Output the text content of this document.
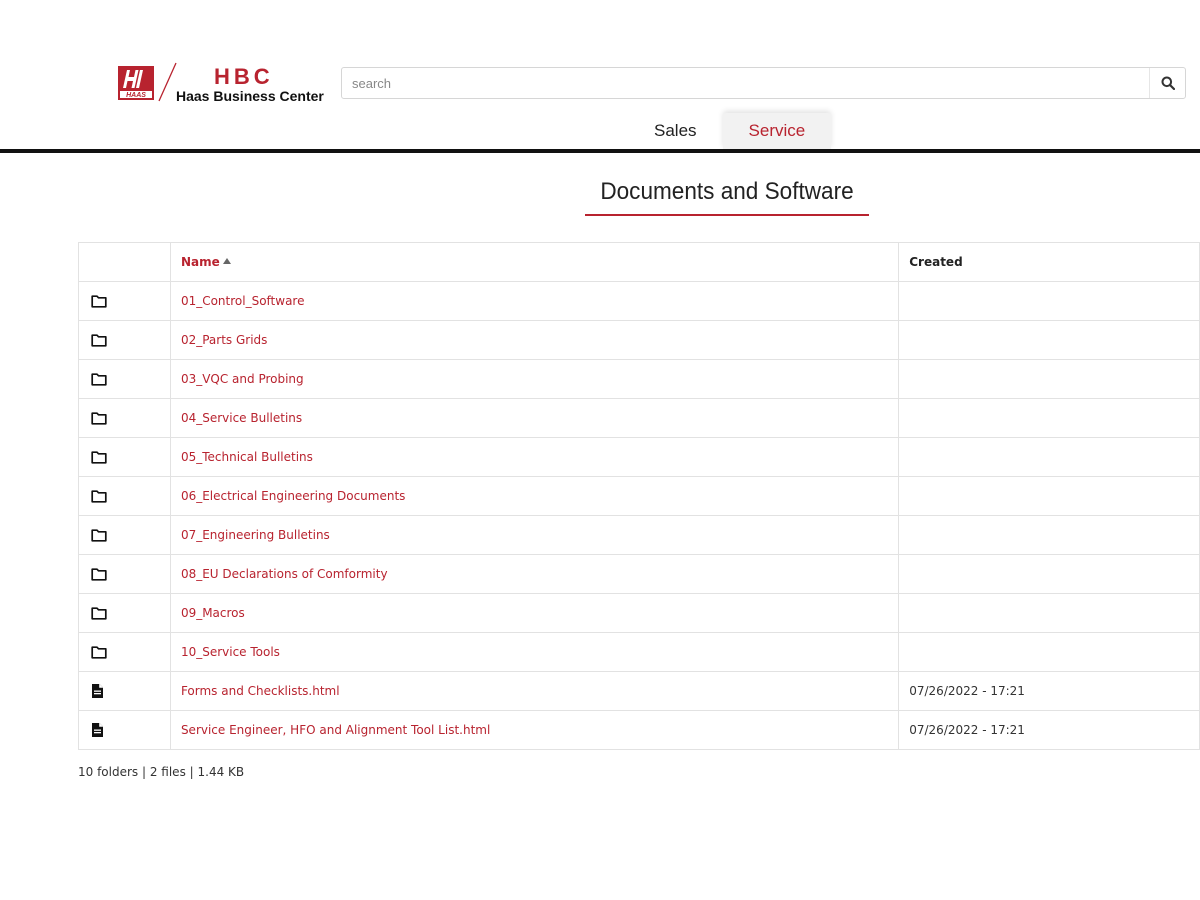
HAAS
HBC
Haas Business Center
search
Sales	Service
Documents and Software
	Name	Created

	01_Control_Software	

	02_Parts Grids	

	03_VQC and Probing	

	04_Service Bulletins	

	05_Technical Bulletins	

	06_Electrical Engineering Documents	

	07_Engineering Bulletins	

	08_EU Declarations of Comformity	

	09_Macros	

	10_Service Tools	

	Forms and Checklists.html	07/26/2022 - 17:21

	Service Engineer, HFO and Alignment Tool List.html	07/26/2022 - 17:21
10 folders | 2 files | 1.44 KB
